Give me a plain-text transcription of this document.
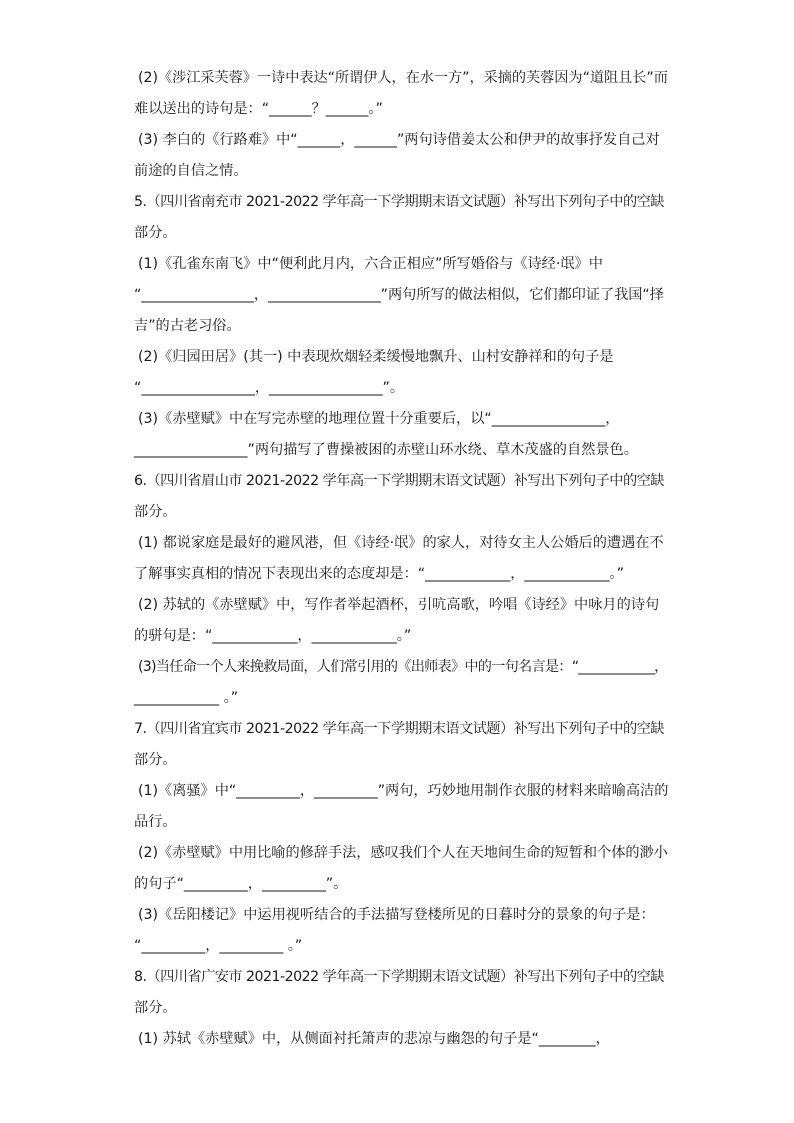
(2)《涉江采芙蓉》一诗中表达“所谓伊人，在水一方”，采摘的芙蓉因为“道阻且长”而
难以送出的诗句是：“______？______。”
(3) 李白的《行路难》中“______，______”两句诗借姜太公和伊尹的故事抒发自己对
前途的自信之情。
5.（四川省南充市 2021-2022 学年高一下学期期末语文试题）补写出下列句子中的空缺
部分。
(1)《孔雀东南飞》中“便利此月内，六合正相应”所写婚俗与《诗经·氓》中
“________________，________________”两句所写的做法相似，它们都印证了我国“择
吉”的古老习俗。
(2)《归园田居》(其一) 中表现炊烟轻柔缓慢地飘升、山村安静祥和的句子是
“________________，________________”。
(3)《赤壁赋》中在写完赤壁的地理位置十分重要后，以“________________，
________________”两句描写了曹操被困的赤壁山环水绕、草木茂盛的自然景色。
6.（四川省眉山市 2021-2022 学年高一下学期期末语文试题）补写出下列句子中的空缺
部分。
(1) 都说家庭是最好的避风港，但《诗经·氓》的家人，对待女主人公婚后的遭遇在不
了解事实真相的情况下表现出来的态度却是：“____________，____________。”
(2) 苏轼的《赤壁赋》中，写作者举起酒杯，引吭高歌，吟唱《诗经》中咏月的诗句
的骈句是：“____________，____________。”
(3)当任命一个人来挽救局面，人们常引用的《出师表》中的一句名言是：“____________，
____________ 。”
7.（四川省宜宾市 2021-2022 学年高一下学期期末语文试题）补写出下列句子中的空缺
部分。
(1)《离骚》中“_________，_________”两句，巧妙地用制作衣服的材料来暗喻高洁的
品行。
(2)《赤壁赋》中用比喻的修辞手法，感叹我们个人在天地间生命的短暂和个体的渺小
的句子“_________，_________”。
(3)《岳阳楼记》中运用视听结合的手法描写登楼所见的日暮时分的景象的句子是：
“_________，_________ 。”
8.（四川省广安市 2021-2022 学年高一下学期期末语文试题）补写出下列句子中的空缺
部分。
(1) 苏轼《赤壁赋》中，从侧面衬托箫声的悲凉与幽怨的句子是“________，
